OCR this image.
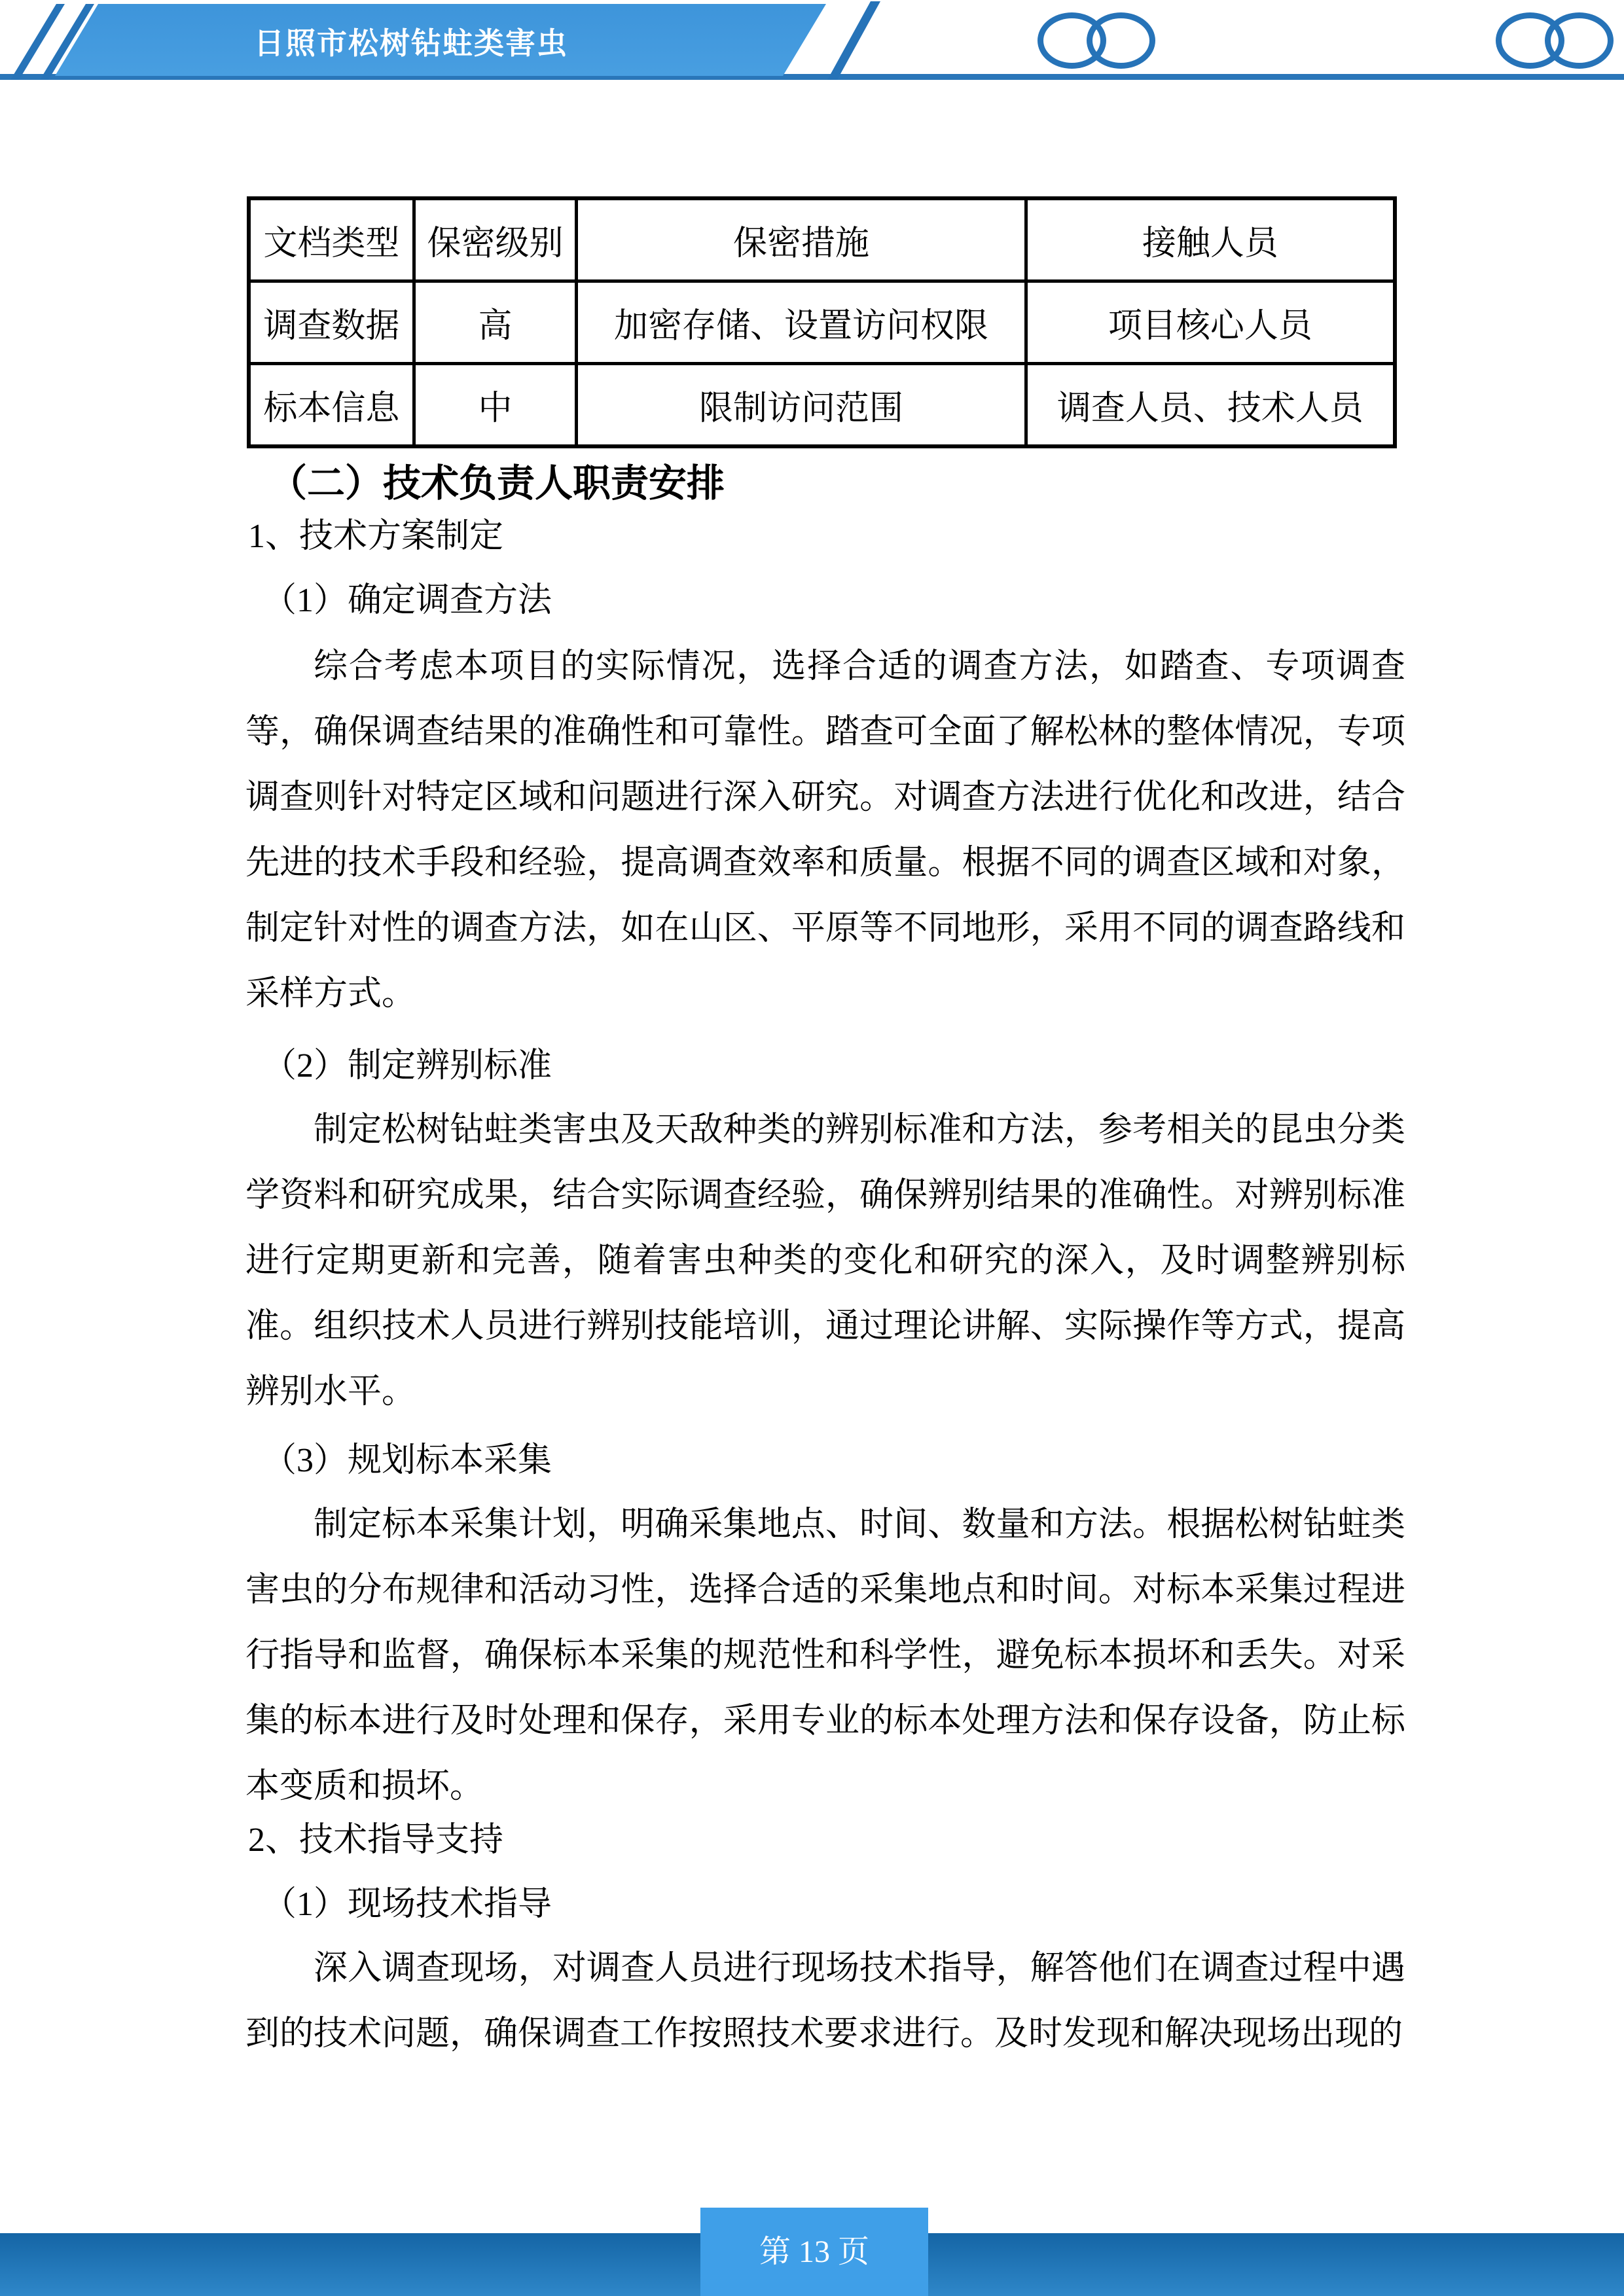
日照市松树钻蛀类害虫
文档类型	保密级别	保密措施	接触人员
调查数据	高	加密存储、设置访问权限	项目核心人员
标本信息	中	限制访问范围	调查人员、技术人员
（二）技术负责人职责安排
1、技术方案制定
（1）确定调查方法
综合考虑本项目的实际情况，选择合适的调查方法，如踏查、专项调查等，确保调查结果的准确性和可靠性。踏查可全面了解松林的整体情况，专项调查则针对特定区域和问题进行深入研究。对调查方法进行优化和改进，结合先进的技术手段和经验，提高调查效率和质量。根据不同的调查区域和对象，制定针对性的调查方法，如在山区、平原等不同地形，采用不同的调查路线和采样方式。
（2）制定辨别标准
制定松树钻蛀类害虫及天敌种类的辨别标准和方法，参考相关的昆虫分类学资料和研究成果，结合实际调查经验，确保辨别结果的准确性。对辨别标准进行定期更新和完善，随着害虫种类的变化和研究的深入，及时调整辨别标准。组织技术人员进行辨别技能培训，通过理论讲解、实际操作等方式，提高辨别水平。
（3）规划标本采集
制定标本采集计划，明确采集地点、时间、数量和方法。根据松树钻蛀类害虫的分布规律和活动习性，选择合适的采集地点和时间。对标本采集过程进行指导和监督，确保标本采集的规范性和科学性，避免标本损坏和丢失。对采集的标本进行及时处理和保存，采用专业的标本处理方法和保存设备，防止标本变质和损坏。
2、技术指导支持
（1）现场技术指导
深入调查现场，对调查人员进行现场技术指导，解答他们在调查过程中遇到的技术问题，确保调查工作按照技术要求进行。及时发现和解决现场出现的
第 13 页
